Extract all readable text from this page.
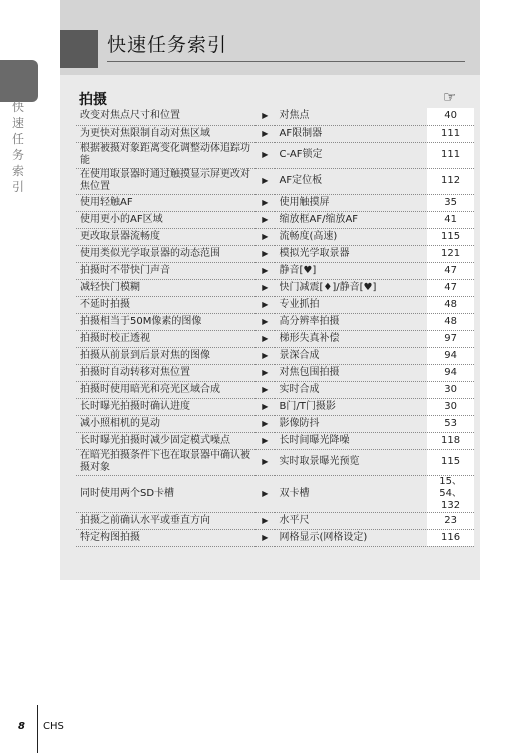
快速任务索引
快速任务索引
拍摄	☞
改变对焦点尺寸和位置	▶	对焦点	40
为更快对焦限制自动对焦区域	▶	AF限制器	111
根据被摄对象距离变化调整动体追踪功能	▶	C-AF锁定	111
在使用取景器时通过触摸显示屏更改对焦位置	▶	AF定位板	112
使用轻触AF	▶	使用触摸屏	35
使用更小的AF区域	▶	缩放框AF/缩放AF	41
更改取景器流畅度	▶	流畅度(高速)	115
使用类似光学取景器的动态范围	▶	模拟光学取景器	121
拍摄时不带快门声音	▶	静音[♥]	47
减轻快门模糊	▶	快门减震[♦]/静音[♥]	47
不延时拍摄	▶	专业抓拍	48
拍摄相当于50M像素的图像	▶	高分辨率拍摄	48
拍摄时校正透视	▶	梯形失真补偿	97
拍摄从前景到后景对焦的图像	▶	景深合成	94
拍摄时自动转移对焦位置	▶	对焦包围拍摄	94
拍摄时使用暗光和亮光区域合成	▶	实时合成	30
长时曝光拍摄时确认进度	▶	B门/T门摄影	30
减小照相机的晃动	▶	影像防抖	53
长时曝光拍摄时减少固定模式噪点	▶	长时间曝光降噪	118
在暗光拍摄条件下也在取景器中确认被摄对象	▶	实时取景曝光预览	115
同时使用两个SD卡槽	▶	双卡槽	15、54、132
拍摄之前确认水平或垂直方向	▶	水平尺	23
特定构图拍摄	▶	网格显示(网格设定)	116
8 CHS
